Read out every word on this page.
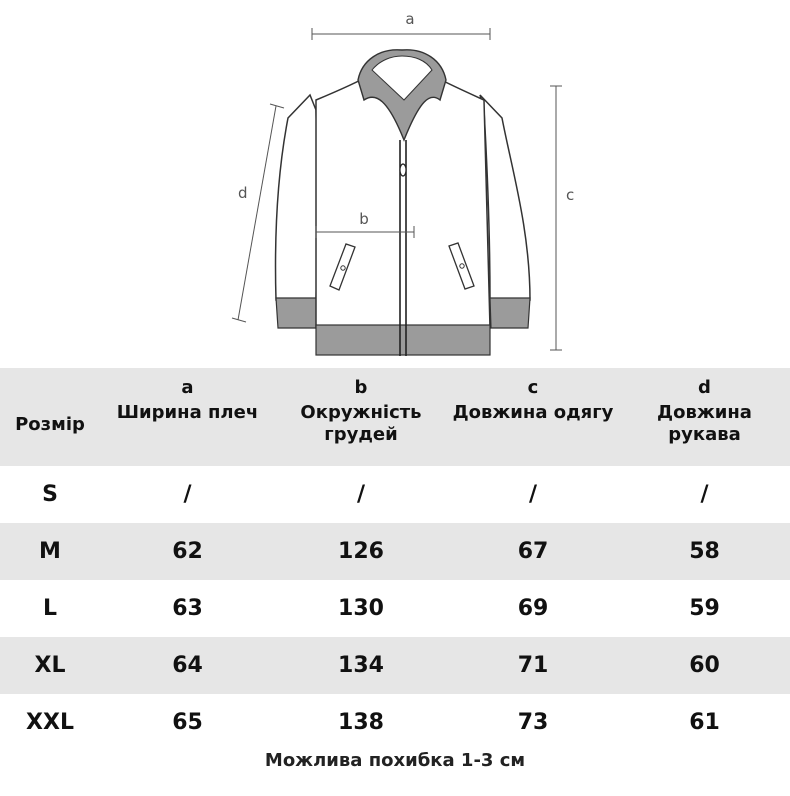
a
b
c
d
	a	b	c	d
Розмір	Ширина плеч	Окружність грудей	Довжина одягу	Довжина рукава
S	/	/	/	/
M	62	126	67	58
L	63	130	69	59
XL	64	134	71	60
XXL	65	138	73	61
Можлива похибка 1-3 см
